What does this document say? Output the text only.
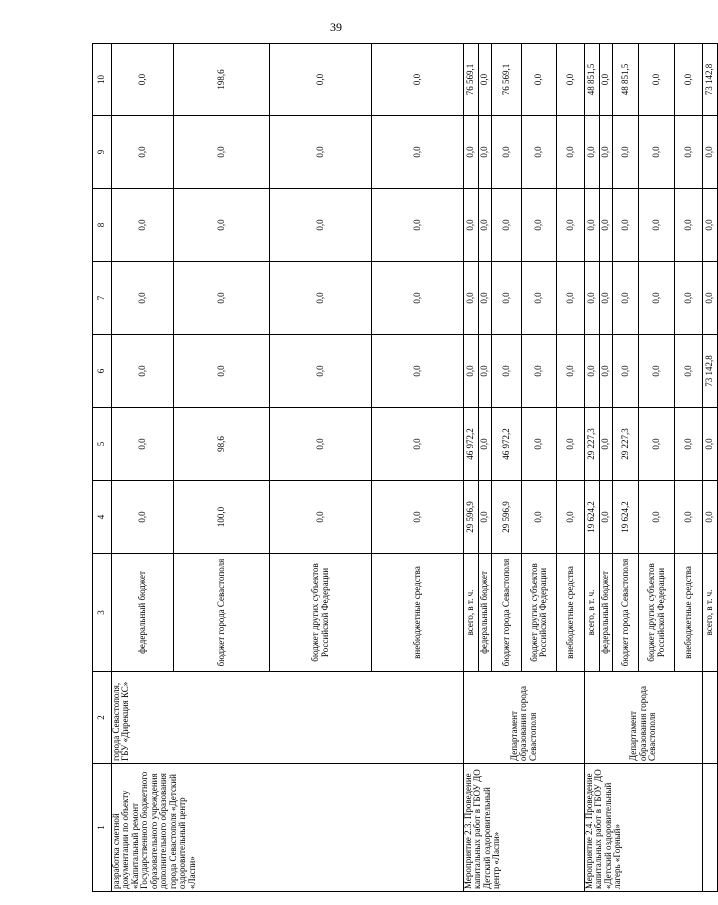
39
1	2	3	4	5	6	7	8	9	10
разработка сметной документации по объекту «Капитальный ремонт Государственного бюджетного образовательного учреждения дополнительного образования города Севастополя «Детский оздоровительный центр «Ласпи»	города Севастополя, ГБУ «Дирекция КС»	федеральный бюджет	0,0	0,0	0,0	0,0	0,0	0,0	0,0
		бюджет города Севастополя	100,0	98,6	0,0	0,0	0,0	0,0	198,6
		бюджет других субъектов Российской Федерации	0,0	0,0	0,0	0,0	0,0	0,0	0,0
		внебюджетные средства	0,0	0,0	0,0	0,0	0,0	0,0	0,0
Мероприятие 2.3. Проведение капитальных работ в ГБОУ ДО Детский оздоровительный центр «Ласпи»	Департамент образования города Севастополя	всего, в т. ч.	29 596,9	46 972,2	0,0	0,0	0,0	0,0	76 569,1
		федеральный бюджет	0,0	0,0	0,0	0,0	0,0	0,0	0,0
		бюджет города Севастополя	29 596,9	46 972,2	0,0	0,0	0,0	0,0	76 569,1
		бюджет других субъектов Российской Федерации	0,0	0,0	0,0	0,0	0,0	0,0	0,0
		внебюджетные средства	0,0	0,0	0,0	0,0	0,0	0,0	0,0
Мероприятие 2.4. Проведение капитальных работ в ГБОУ ДО «Детский оздоровительный лагерь «Горный»	Департамент образования города Севастополя	всего, в т. ч.	19 624,2	29 227,3	0,0	0,0	0,0	0,0	48 851,5
		федеральный бюджет	0,0	0,0	0,0	0,0	0,0	0,0	0,0
		бюджет города Севастополя	19 624,2	29 227,3	0,0	0,0	0,0	0,0	48 851,5
		бюджет других субъектов Российской Федерации	0,0	0,0	0,0	0,0	0,0	0,0	0,0
		внебюджетные средства	0,0	0,0	0,0	0,0	0,0	0,0	0,0
		всего, в т. ч.	0,0	0,0	73 142,8	0,0	0,0	0,0	73 142,8
